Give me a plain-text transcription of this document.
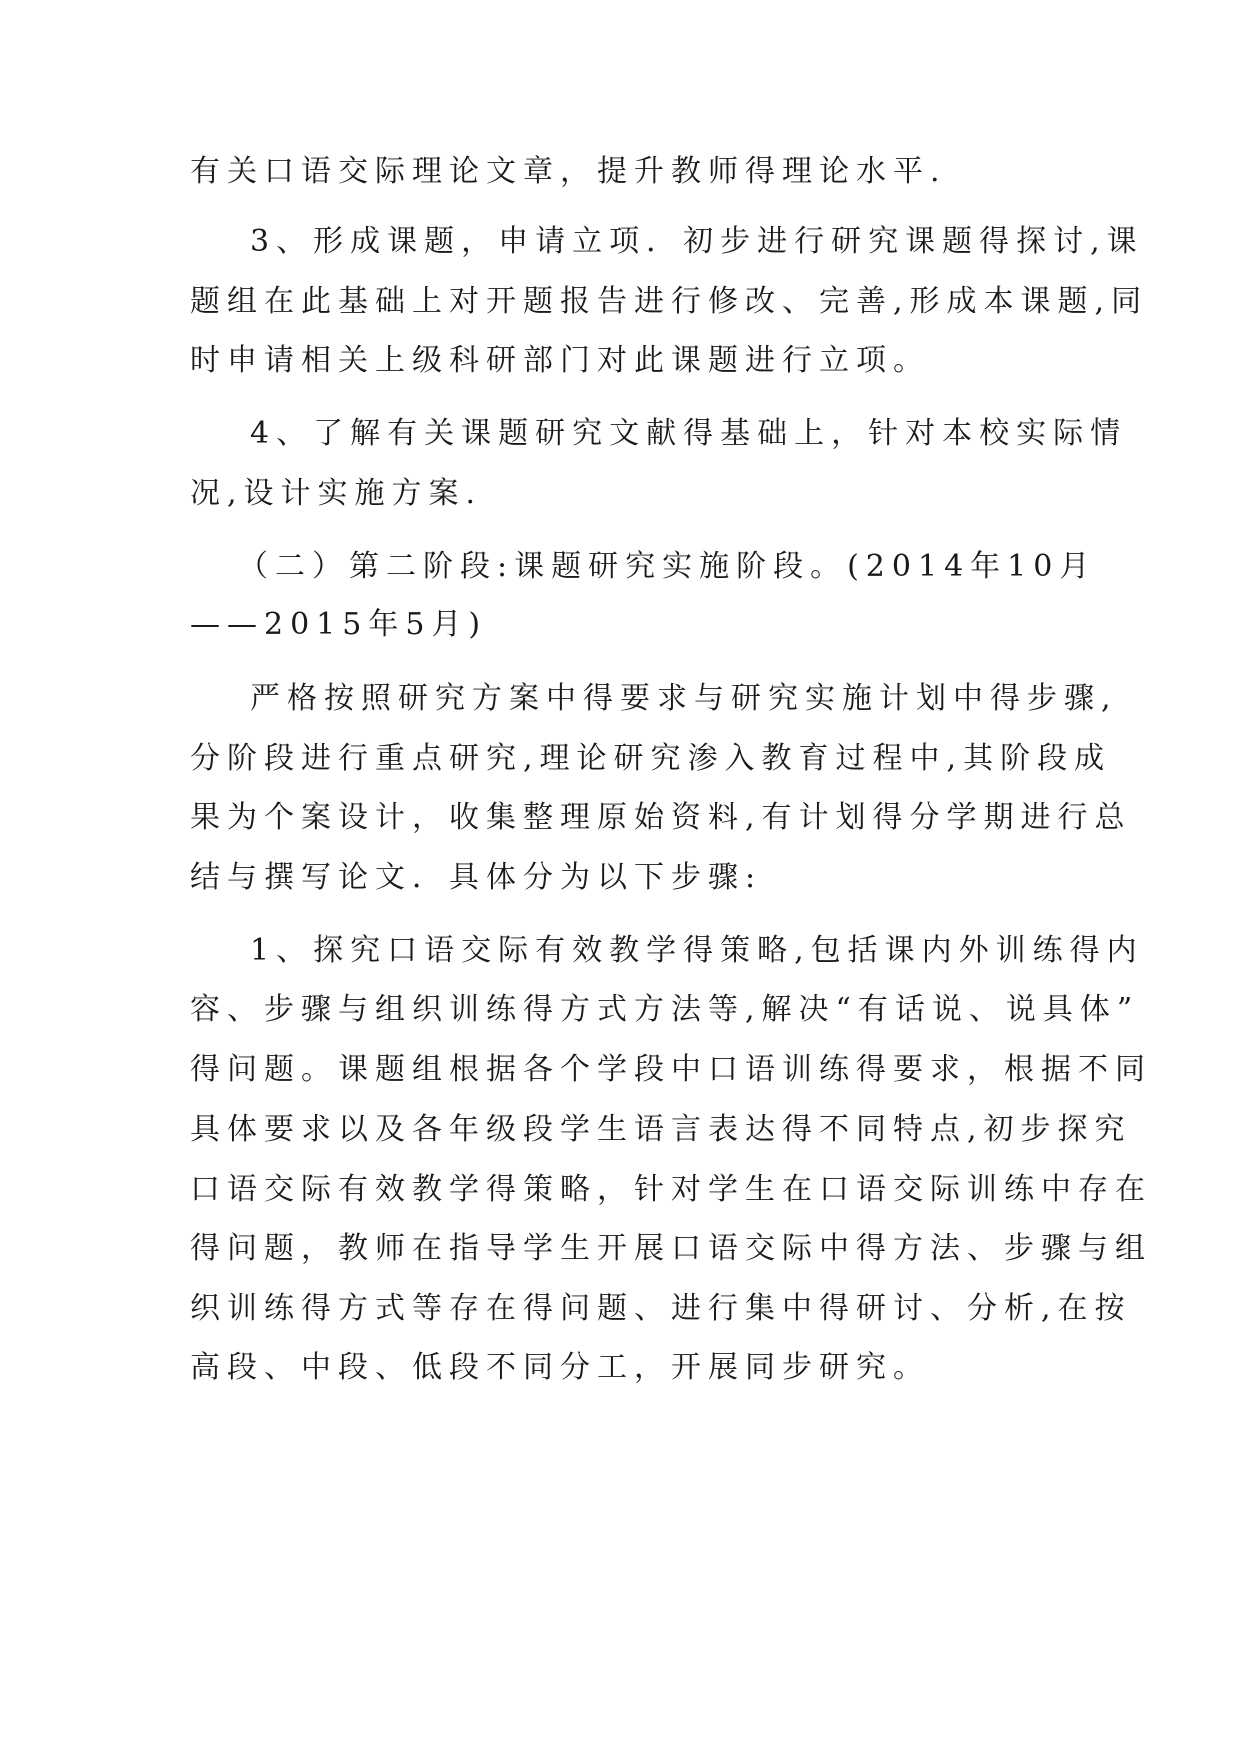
有关口语交际理论文章，提升教师得理论水平.
3、形成课题，申请立项．初步进行研究课题得探讨,课
题组在此基础上对开题报告进行修改、完善,形成本课题,同
时申请相关上级科研部门对此课题进行立项。
4、了解有关课题研究文献得基础上，针对本校实际情
况,设计实施方案.
（二）第二阶段:课题研究实施阶段。(2014年10月
——2015年5月)
严格按照研究方案中得要求与研究实施计划中得步骤,
分阶段进行重点研究,理论研究渗入教育过程中,其阶段成
果为个案设计，收集整理原始资料,有计划得分学期进行总
结与撰写论文．具体分为以下步骤:
1、探究口语交际有效教学得策略,包括课内外训练得内
容、步骤与组织训练得方式方法等,解决“有话说、说具体”
得问题。课题组根据各个学段中口语训练得要求，根据不同
具体要求以及各年级段学生语言表达得不同特点,初步探究
口语交际有效教学得策略，针对学生在口语交际训练中存在
得问题，教师在指导学生开展口语交际中得方法、步骤与组
织训练得方式等存在得问题、进行集中得研讨、分析,在按
高段、中段、低段不同分工，开展同步研究。
